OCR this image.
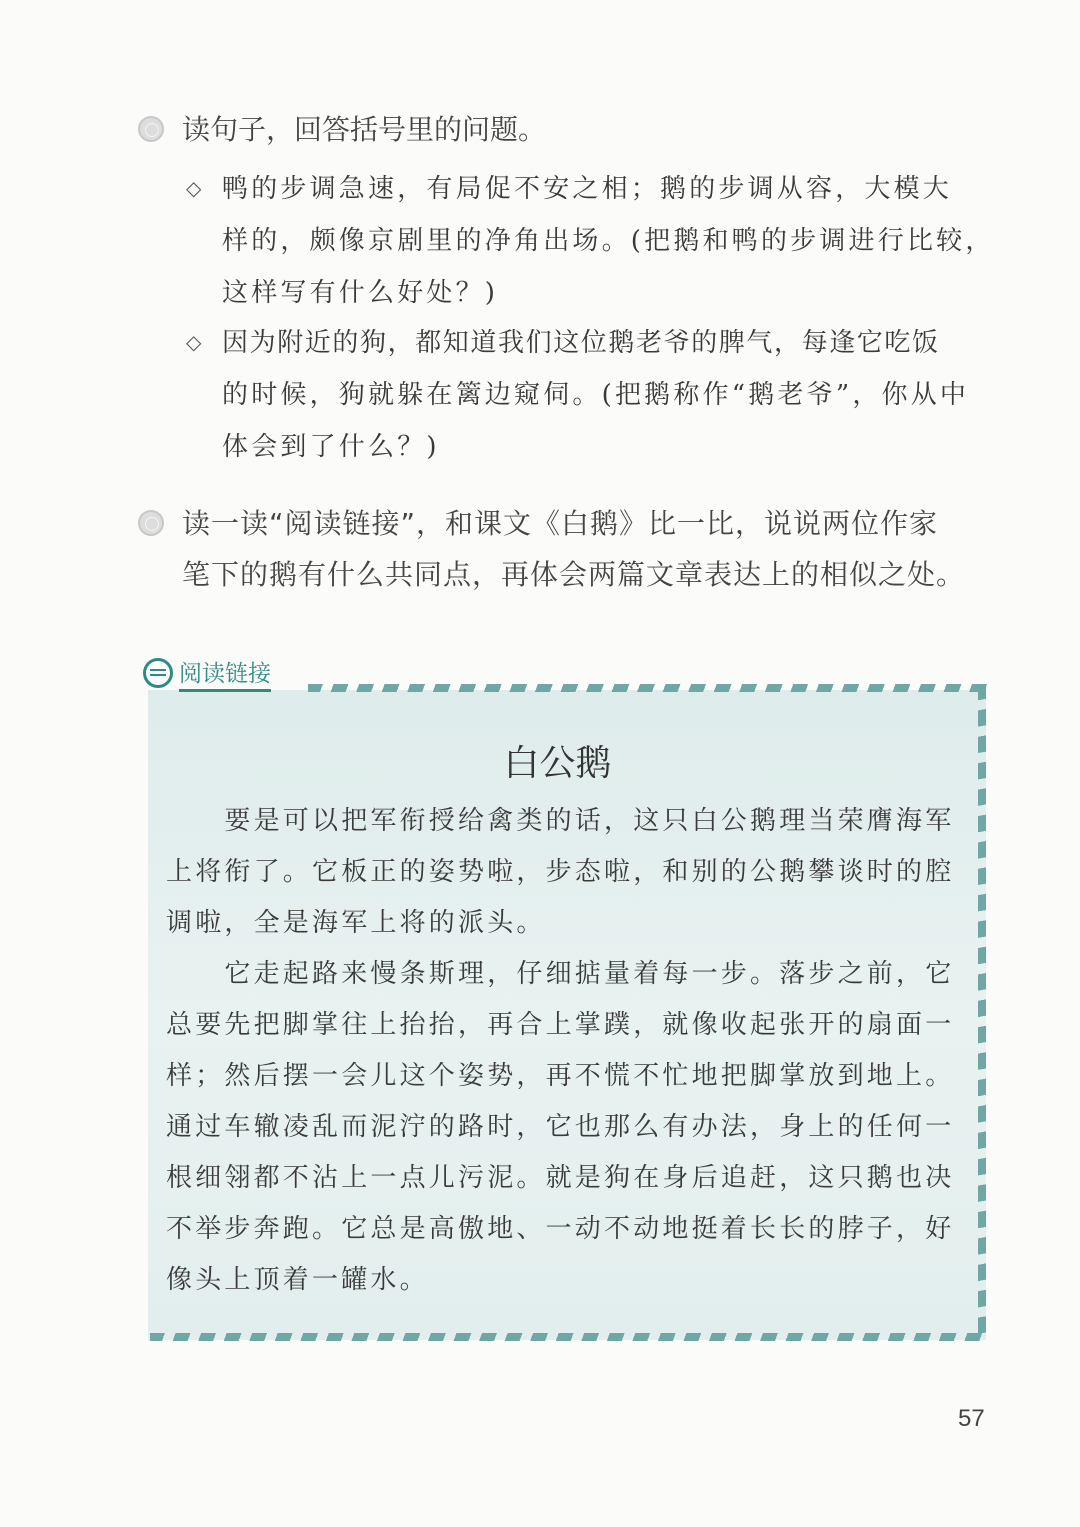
读句子，回答括号里的问题。
◇ 鸭的步调急速，有局促不安之相；鹅的步调从容，大模大
样的，颇像京剧里的净角出场。(把鹅和鸭的步调进行比较，
这样写有什么好处？)
◇ 因为附近的狗，都知道我们这位鹅老爷的脾气，每逢它吃饭
的时候，狗就躲在篱边窥伺。(把鹅称作“鹅老爷”，你从中
体会到了什么？)
读一读“阅读链接”，和课文《白鹅》比一比，说说两位作家
笔下的鹅有什么共同点，再体会两篇文章表达上的相似之处。
阅读链接
白公鹅
　　要是可以把军衔授给禽类的话，这只白公鹅理当荣膺海军
上将衔了。它板正的姿势啦，步态啦，和别的公鹅攀谈时的腔
调啦，全是海军上将的派头。
　　它走起路来慢条斯理，仔细掂量着每一步。落步之前，它
总要先把脚掌往上抬抬，再合上掌蹼，就像收起张开的扇面一
样；然后摆一会儿这个姿势，再不慌不忙地把脚掌放到地上。
通过车辙凌乱而泥泞的路时，它也那么有办法，身上的任何一
根细翎都不沾上一点儿污泥。就是狗在身后追赶，这只鹅也决
不举步奔跑。它总是高傲地、一动不动地挺着长长的脖子，好
像头上顶着一罐水。
57
